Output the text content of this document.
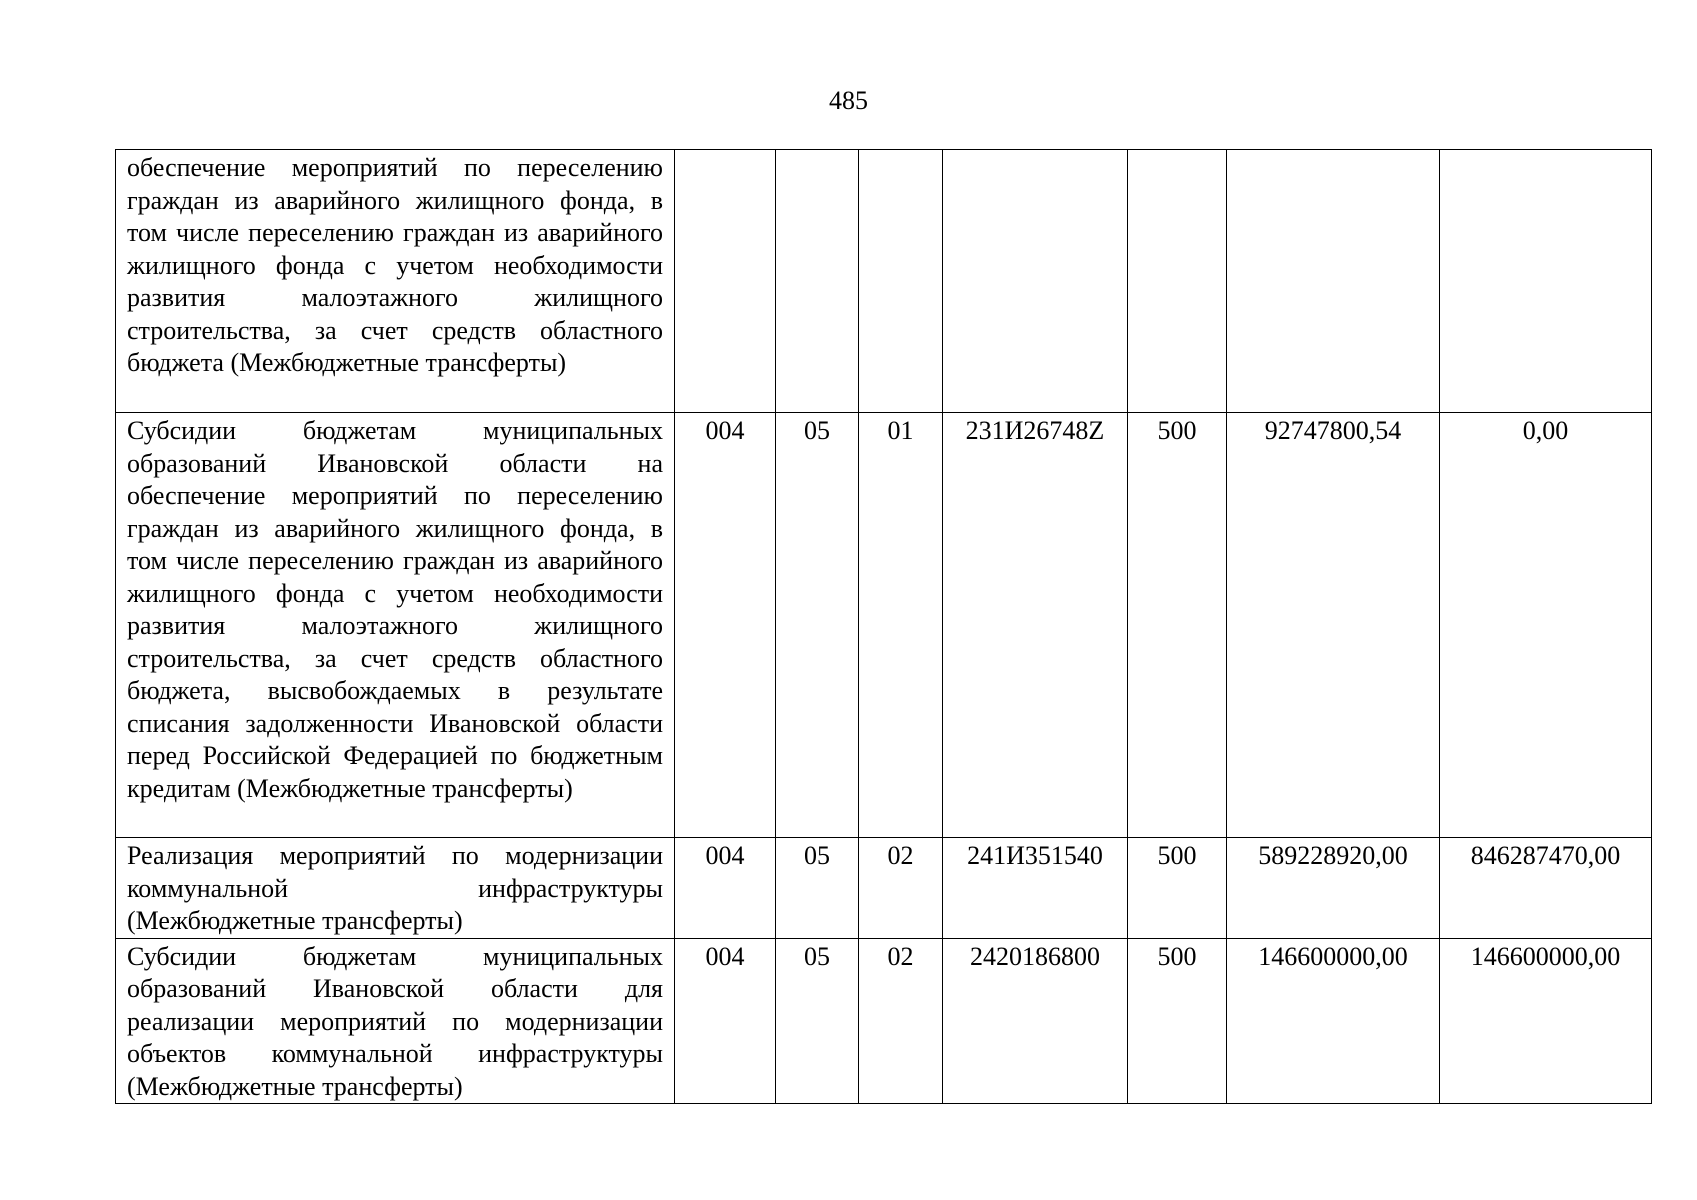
485
обеспечение мероприятий по переселению граждан из аварийного жилищного фонда, в том числе переселению граждан из аварийного жилищного фонда с учетом необходимости развития малоэтажного жилищного строительства, за счет средств областного бюджета (Межбюджетные трансферты)							
Субсидии бюджетам муниципальных образований Ивановской области на обеспечение мероприятий по переселению граждан из аварийного жилищного фонда, в том числе переселению граждан из аварийного жилищного фонда с учетом необходимости развития малоэтажного жилищного строительства, за счет средств областного бюджета, высвобождаемых в результате списания задолженности Ивановской области перед Российской Федерацией по бюджетным кредитам (Межбюджетные трансферты)	004	05	01	231И26748Z	500	92747800,54	0,00
Реализация мероприятий по модернизации коммунальной инфраструктуры (Межбюджетные трансферты)	004	05	02	241И351540	500	589228920,00	846287470,00
Субсидии бюджетам муниципальных образований Ивановской области для реализации мероприятий по модернизации объектов коммунальной инфраструктуры (Межбюджетные трансферты)	004	05	02	2420186800	500	146600000,00	146600000,00
